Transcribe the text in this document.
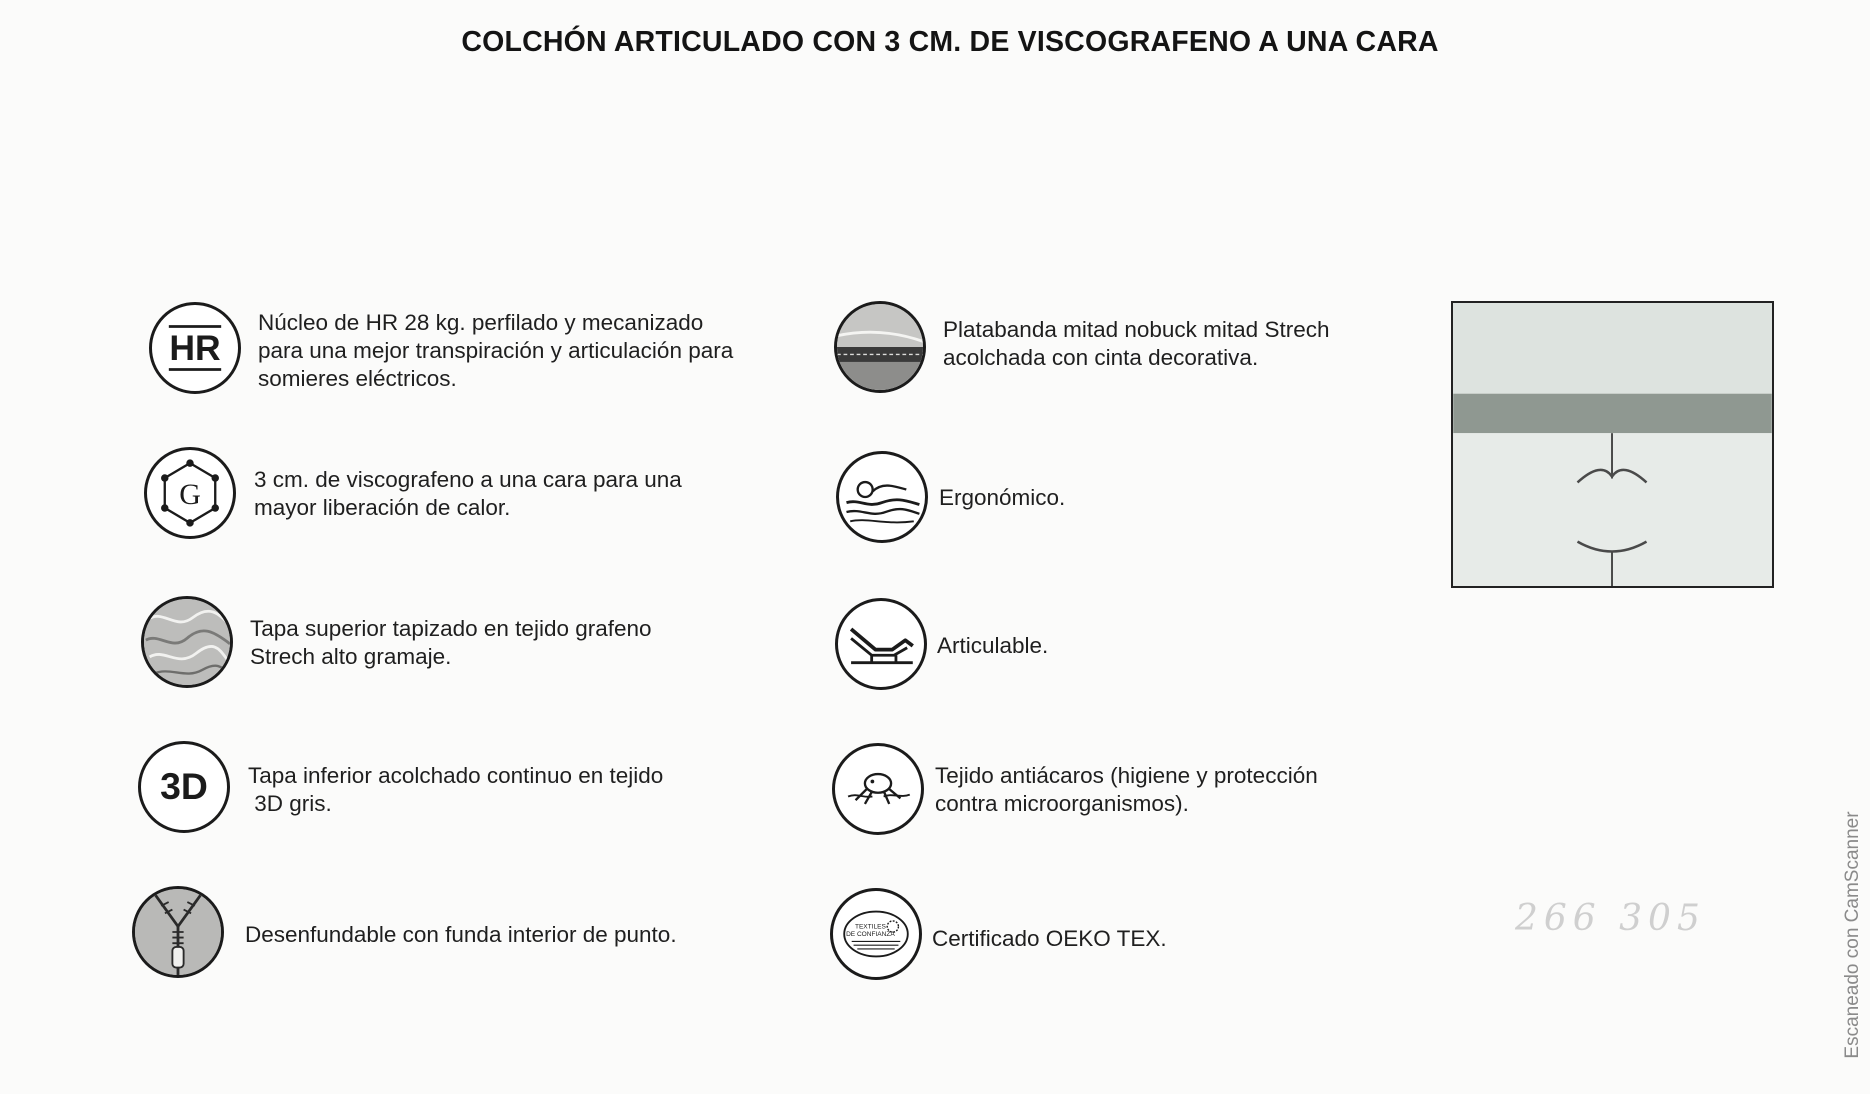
COLCHÓN ARTICULADO CON 3 CM. DE VISCOGRAFENO A UNA CARA
HR
Núcleo de HR 28 kg. perfilado y mecanizado
para una mejor transpiración y articulación para
somieres eléctricos.
G 3 cm. de viscografeno a una cara para una
mayor liberación de calor.
Tapa superior tapizado en tejido grafeno
Strech alto gramaje.
3D Tapa inferior acolchado continuo en tejido
3D gris.
Desenfundable con funda interior de punto.
Platabanda mitad nobuck mitad Strech
acolchada con cinta decorativa.
Ergonómico.
Articulable.
Tejido antiácaros (higiene y protección
contra microorganismos).
TEXTILES
DE CONFIANZA Certificado OEKO TEX.	266 305	Escaneado con CamScanner
